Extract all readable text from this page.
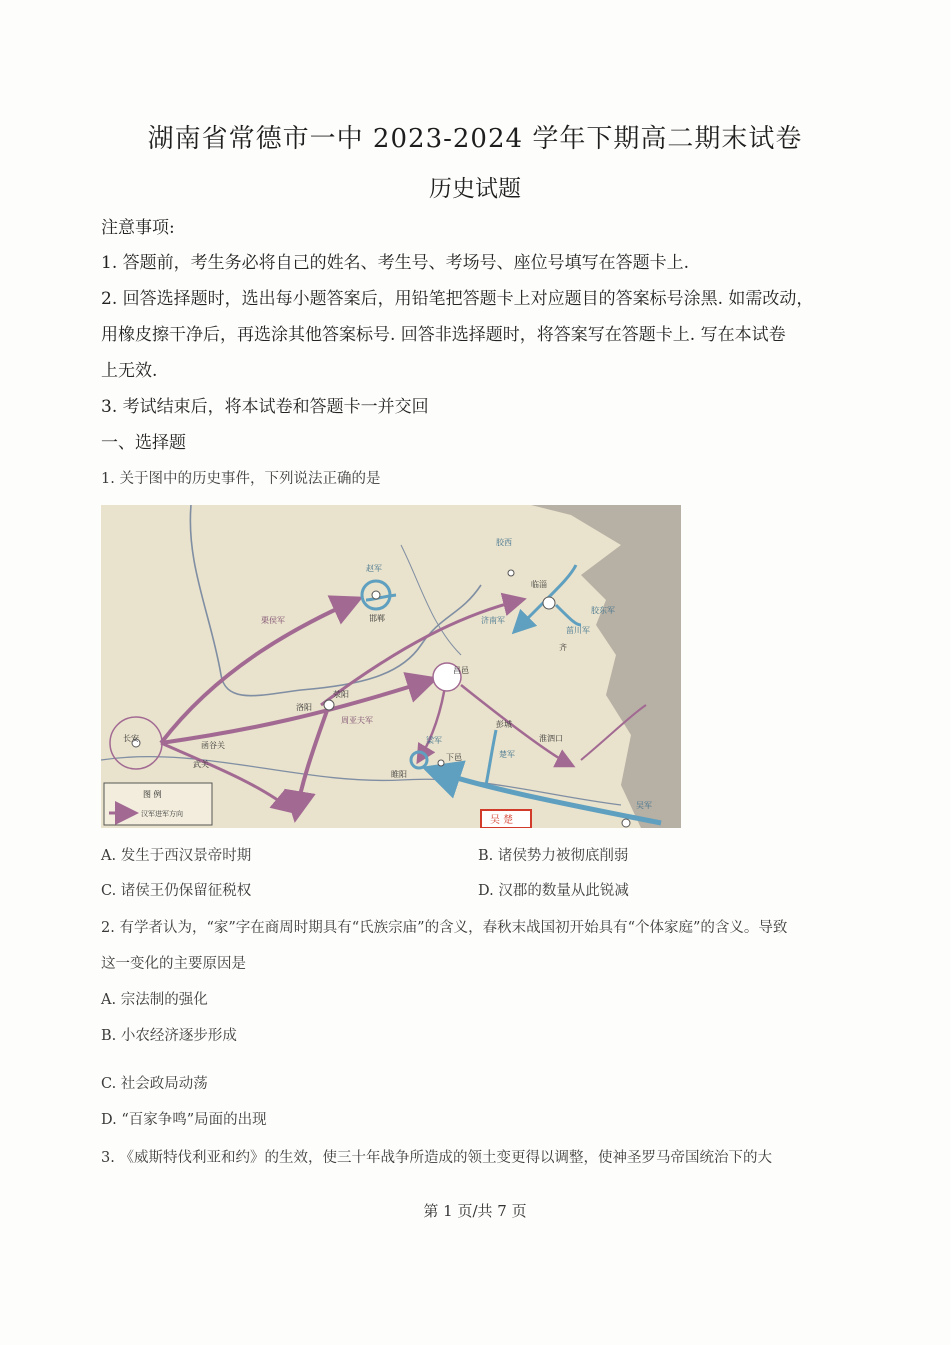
湖南省常德市一中 2023-2024 学年下期高二期末试卷
历史试题
注意事项:
1. 答题前，考生务必将自己的姓名、考生号、考场号、座位号填写在答题卡上.
2. 回答选择题时，选出每小题答案后，用铅笔把答题卡上对应题目的答案标号涂黑. 如需改动，
用橡皮擦干净后，再选涂其他答案标号. 回答非选择题时，将答案写在答题卡上. 写在本试卷
上无效.
3. 考试结束后，将本试卷和答题卡一并交回
一、选择题
1. 关于图中的历史事件，下列说法正确的是
长安
洛阳
荥阳
邯郸
赵军
栗侯军
周亚夫军
胶西
临淄
胶东军
菑川军
济南军
齐
昌邑
下邑
彭城
楚军
梁军
睢阳
吴军
淮泗口
武关
函谷关
图 例
汉军进军方向
吴 楚
A. 发生于西汉景帝时期	B. 诸侯势力被彻底削弱
C. 诸侯王仍保留征税权	D. 汉郡的数量从此锐减
2. 有学者认为，“家”字在商周时期具有“氏族宗庙”的含义，春秋末战国初开始具有“个体家庭”的含义。导致
这一变化的主要原因是
A. 宗法制的强化
B. 小农经济逐步形成
C. 社会政局动荡
D. “百家争鸣”局面的出现
3. 《威斯特伐利亚和约》的生效，使三十年战争所造成的领土变更得以调整，使神圣罗马帝国统治下的大
第 1 页/共 7 页
